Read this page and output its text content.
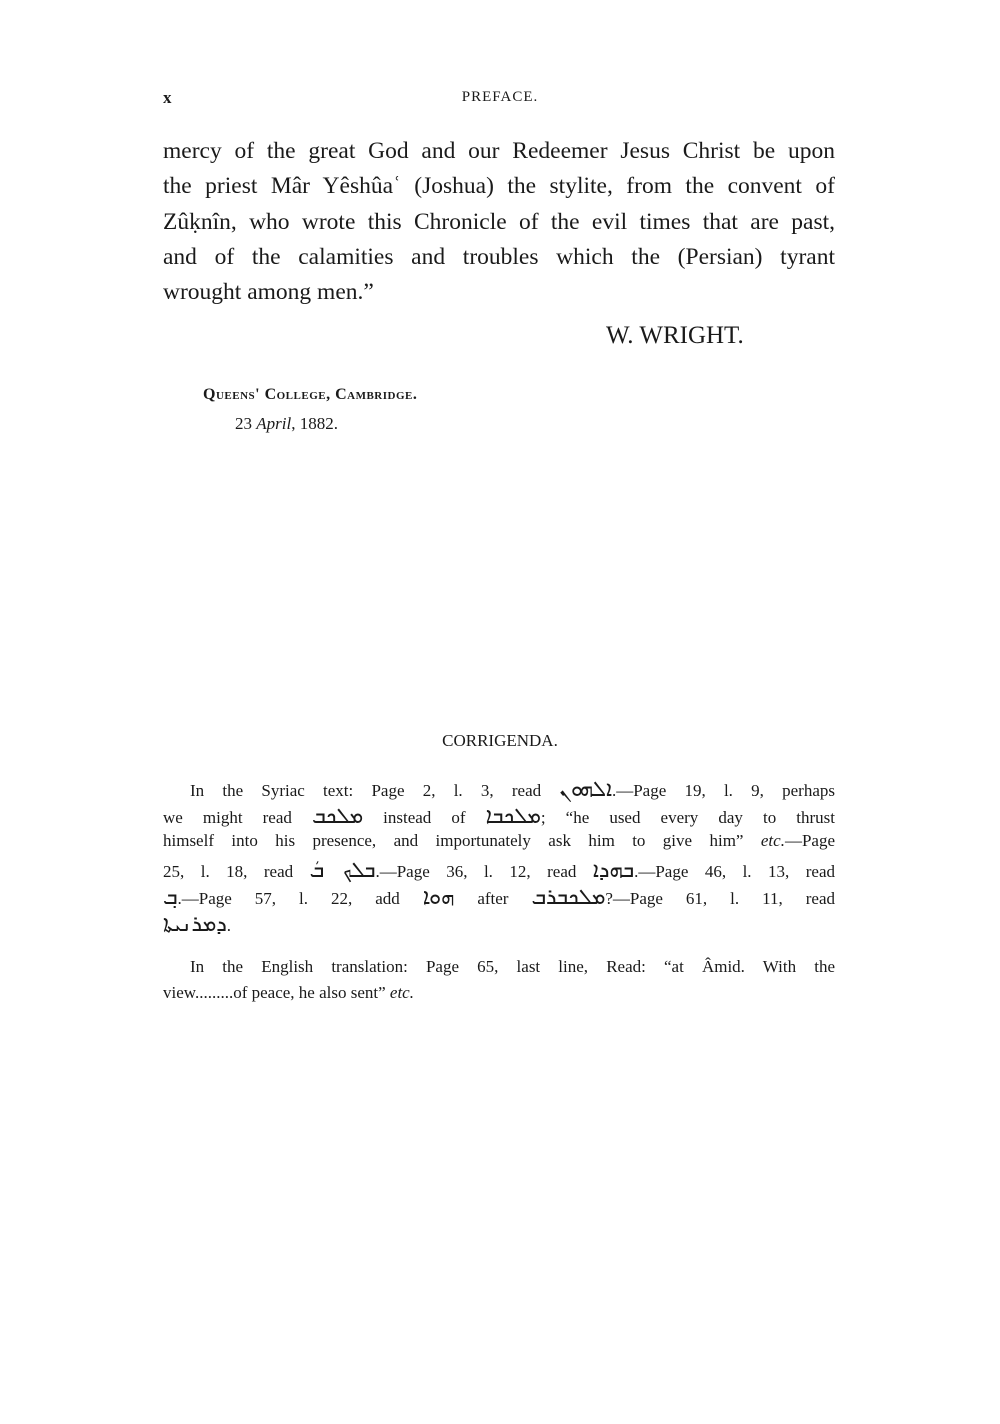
x	PREFACE.
mercy of the great God and our Redeemer Jesus Christ be upon
the priest Mâr Yêshûaʿ (Joshua) the stylite, from the convent of
Zûḳnîn, who wrote this Chronicle of the evil times that are past,
and of the calamities and troubles which the (Persian) tyrant
wrought among men.”
W. WRIGHT.
Queens' College, Cambridge.
23 April, 1882.
CORRIGENDA.
In the Syriac text: Page 2, l. 3, read ܐܠܗܘܢ.—Page 19, l. 9, perhaps
we might read ܡܠܟܒ instead of ܡܠܟܒܐ; “he used every day to thrust
himself into his presence, and importunately ask him to give him” etc.—Page
25, l. 18, read ܒܠܟ ܒܿ.—Page 36, l. 12, read ܒܗܕܐ.—Page 46, l. 13, read
ܒ݂.—Page 57, l. 22, add ܗܘܐ after ܡܠܟܒܪܒ?—Page 61, l. 11, read
ܕܡܪܢܝܬܐ.
In the English translation: Page 65, last line, Read: “at Âmid. With the
view.........of peace, he also sent” etc.
